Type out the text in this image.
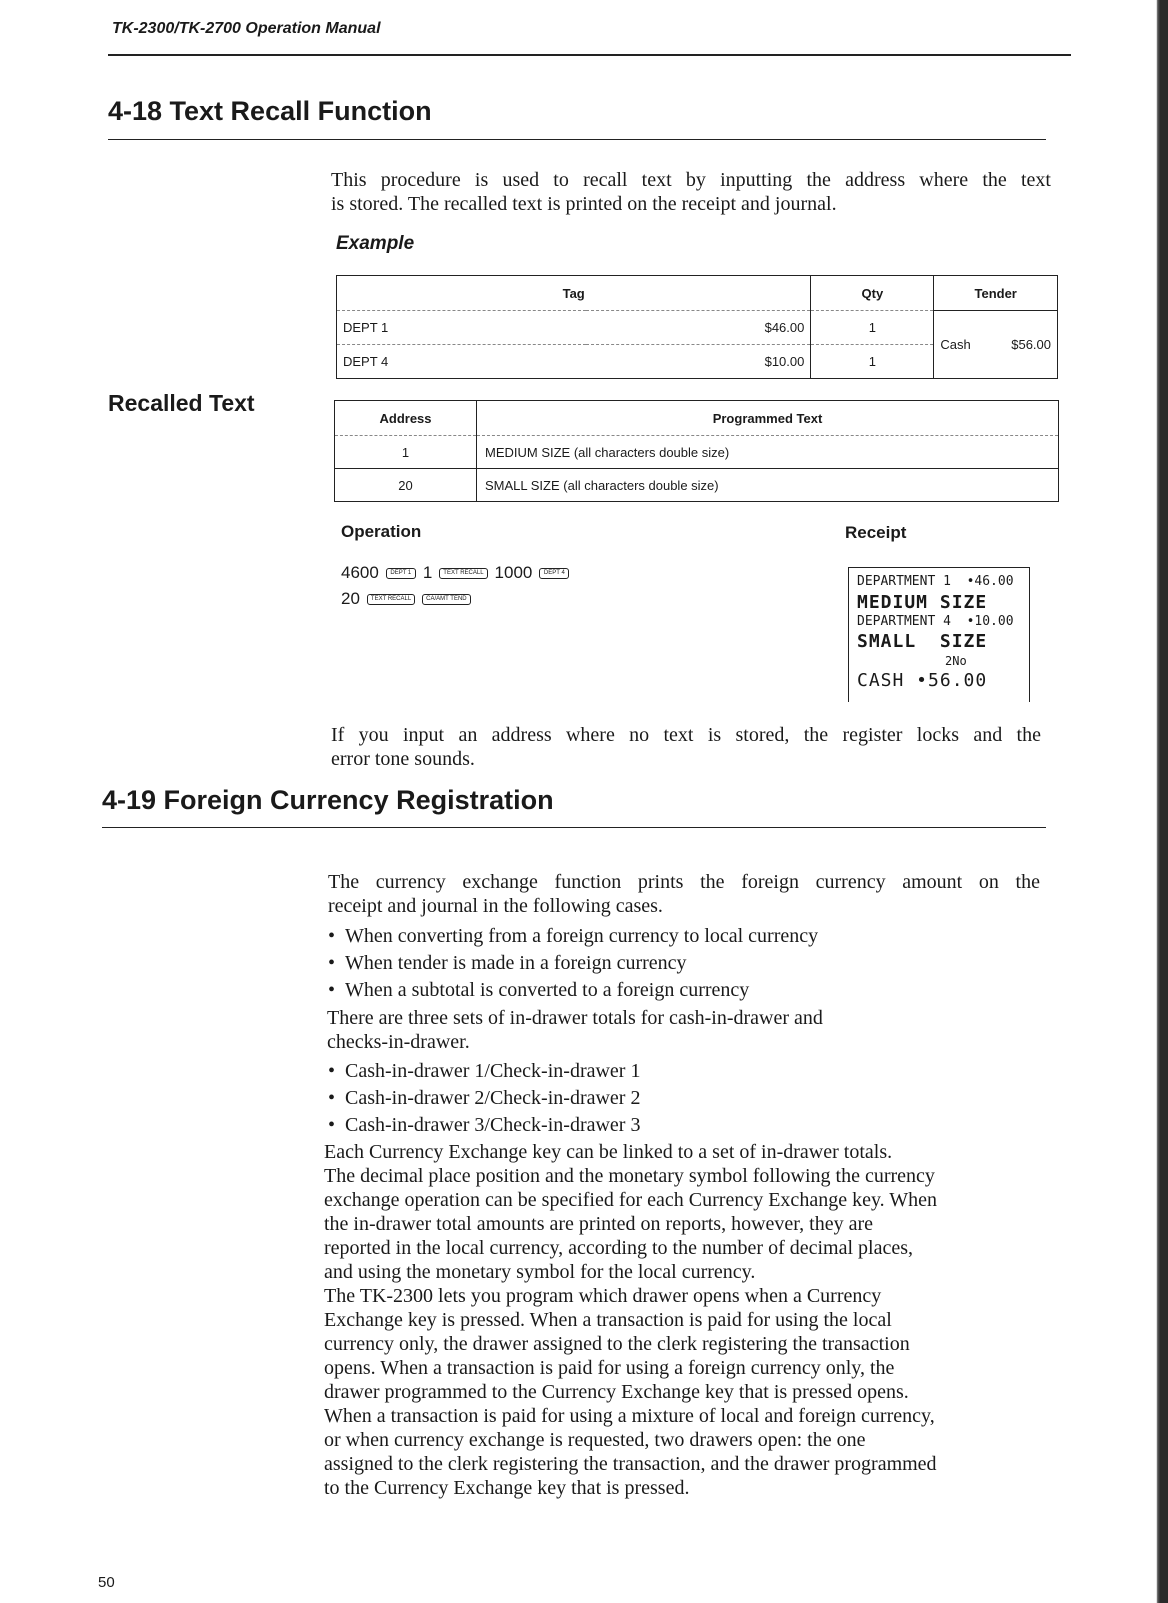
TK-2300/TK-2700 Operation Manual
4-18 Text Recall Function
This procedure is used to recall text by inputting the address where the text
is stored. The recalled text is printed on the receipt and journal.
Example
Tag		Qty	Tender	
DEPT 1	$46.00	1	Cash	$56.00
DEPT 4	$10.00	1		
Recalled Text
Address	Programmed Text
1	MEDIUM SIZE (all characters double size)
20	SMALL SIZE (all characters double size)
Operation	Receipt
4600	DEPT 1 1	TEXT RECALL 1000	DEPT 4
20	TEXT RECALL	CA/AMT TEND
DEPARTMENT 1  •46.00
MEDIUM SIZE
DEPARTMENT 4  •10.00
SMALL  SIZE
2No
CASH •56.00
If you input an address where no text is stored, the register locks and the
error tone sounds.
4-19 Foreign Currency Registration
The currency exchange function prints the foreign currency amount on the
receipt and journal in the following cases.
• When converting from a foreign currency to local currency
• When tender is made in a foreign currency
• When a subtotal is converted to a foreign currency
There are three sets of in-drawer totals for cash-in-drawer and
checks-in-drawer.
• Cash-in-drawer 1/Check-in-drawer 1
• Cash-in-drawer 2/Check-in-drawer 2
• Cash-in-drawer 3/Check-in-drawer 3
Each Currency Exchange key can be linked to a set of in-drawer totals.
The decimal place position and the monetary symbol following the currency
exchange operation can be specified for each Currency Exchange key. When
the in-drawer total amounts are printed on reports, however, they are
reported in the local currency, according to the number of decimal places,
and using the monetary symbol for the local currency.
The TK-2300 lets you program which drawer opens when a Currency
Exchange key is pressed. When a transaction is paid for using the local
currency only, the drawer assigned to the clerk registering the transaction
opens. When a transaction is paid for using a foreign currency only, the
drawer programmed to the Currency Exchange key that is pressed opens.
When a transaction is paid for using a mixture of local and foreign currency,
or when currency exchange is requested, two drawers open: the one
assigned to the clerk registering the transaction, and the drawer programmed
to the Currency Exchange key that is pressed.
50
